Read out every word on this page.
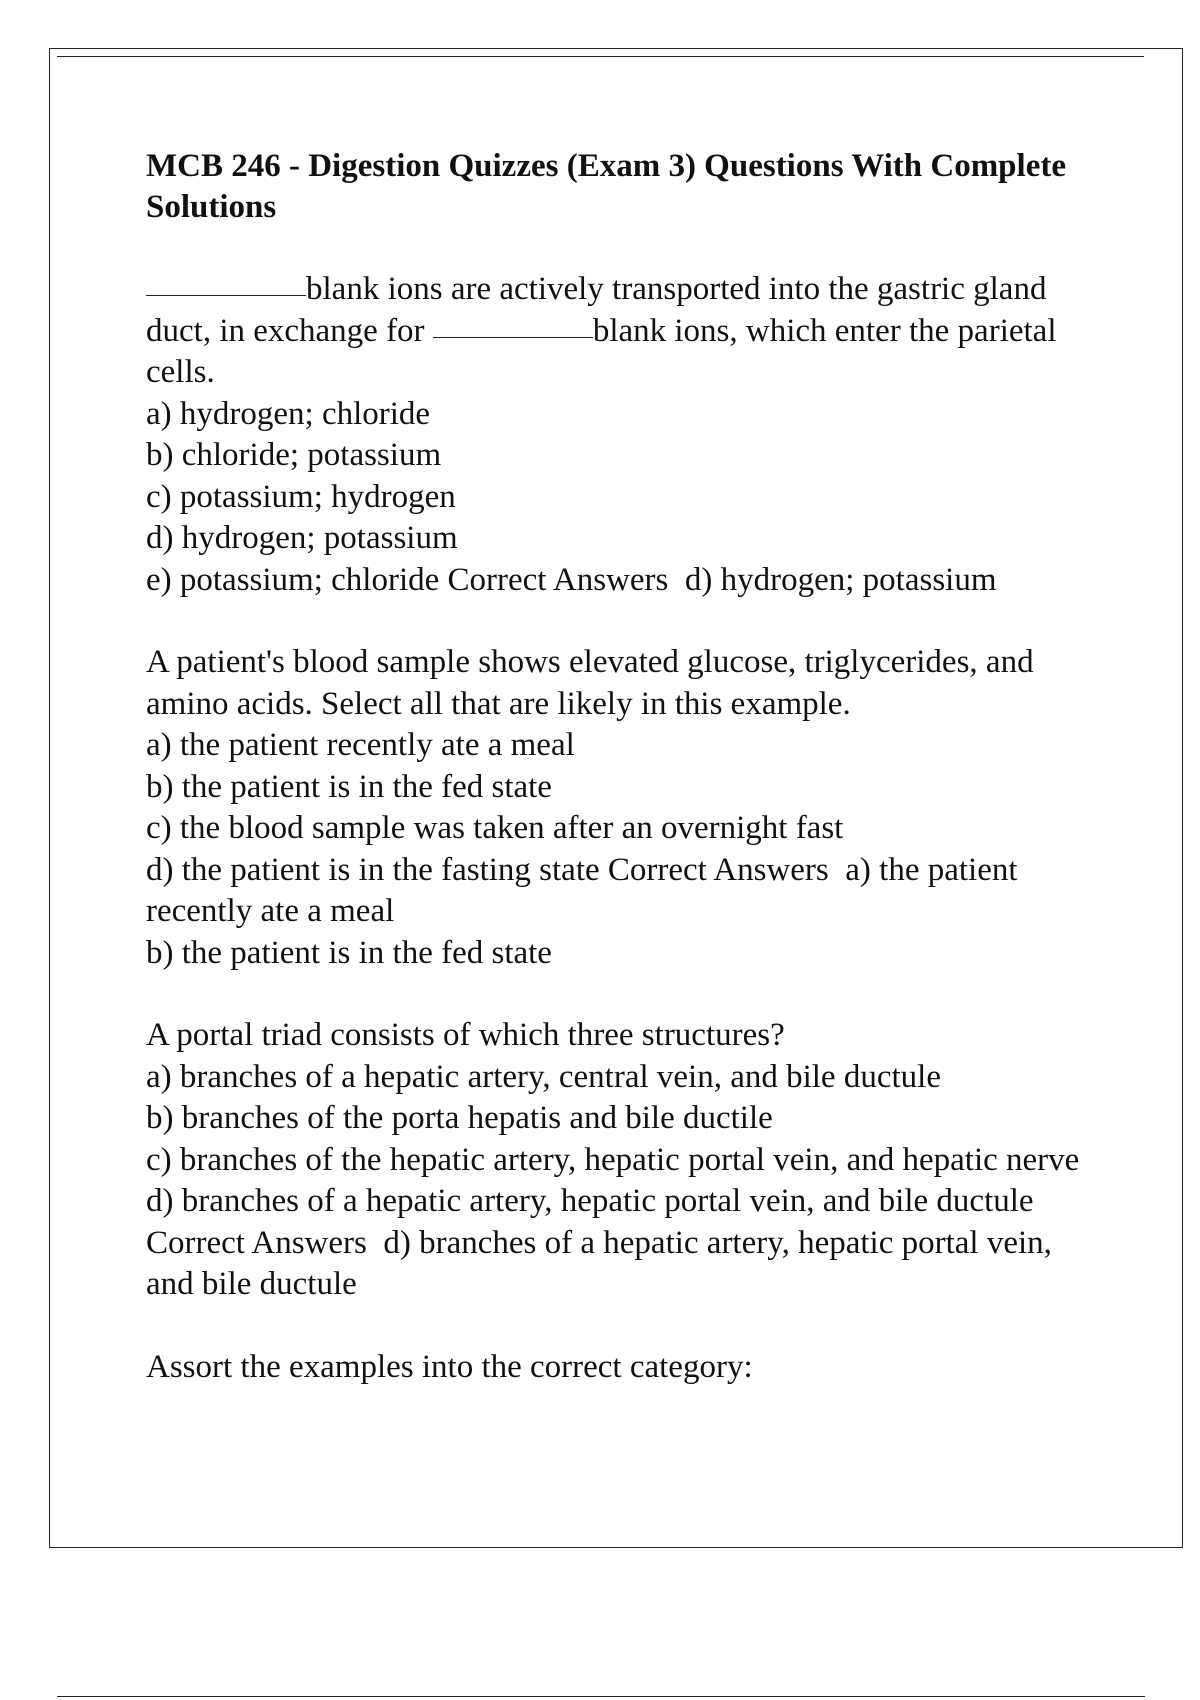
MCB 246 - Digestion Quizzes (Exam 3) Questions With Complete Solutions

blank ions are actively transported into the gastric gland duct, in exchange for	blank ions, which enter the parietal cells.

a) hydrogen; chloride
b) chloride; potassium
c) potassium; hydrogen
d) hydrogen; potassium
e) potassium; chloride Correct Answers d) hydrogen; potassium

A patient's blood sample shows elevated glucose, triglycerides, and amino acids. Select all that are likely in this example.

a) the patient recently ate a meal
b) the patient is in the fed state
c) the blood sample was taken after an overnight fast
d) the patient is in the fasting state Correct Answers a) the patient recently ate a meal
b) the patient is in the fed state

A portal triad consists of which three structures?

a) branches of a hepatic artery, central vein, and bile ductule
b) branches of the porta hepatis and bile ductile
c) branches of the hepatic artery, hepatic portal vein, and hepatic nerve
d) branches of a hepatic artery, hepatic portal vein, and bile ductule Correct Answers d) branches of a hepatic artery, hepatic portal vein, and bile ductule

Assort the examples into the correct category:
